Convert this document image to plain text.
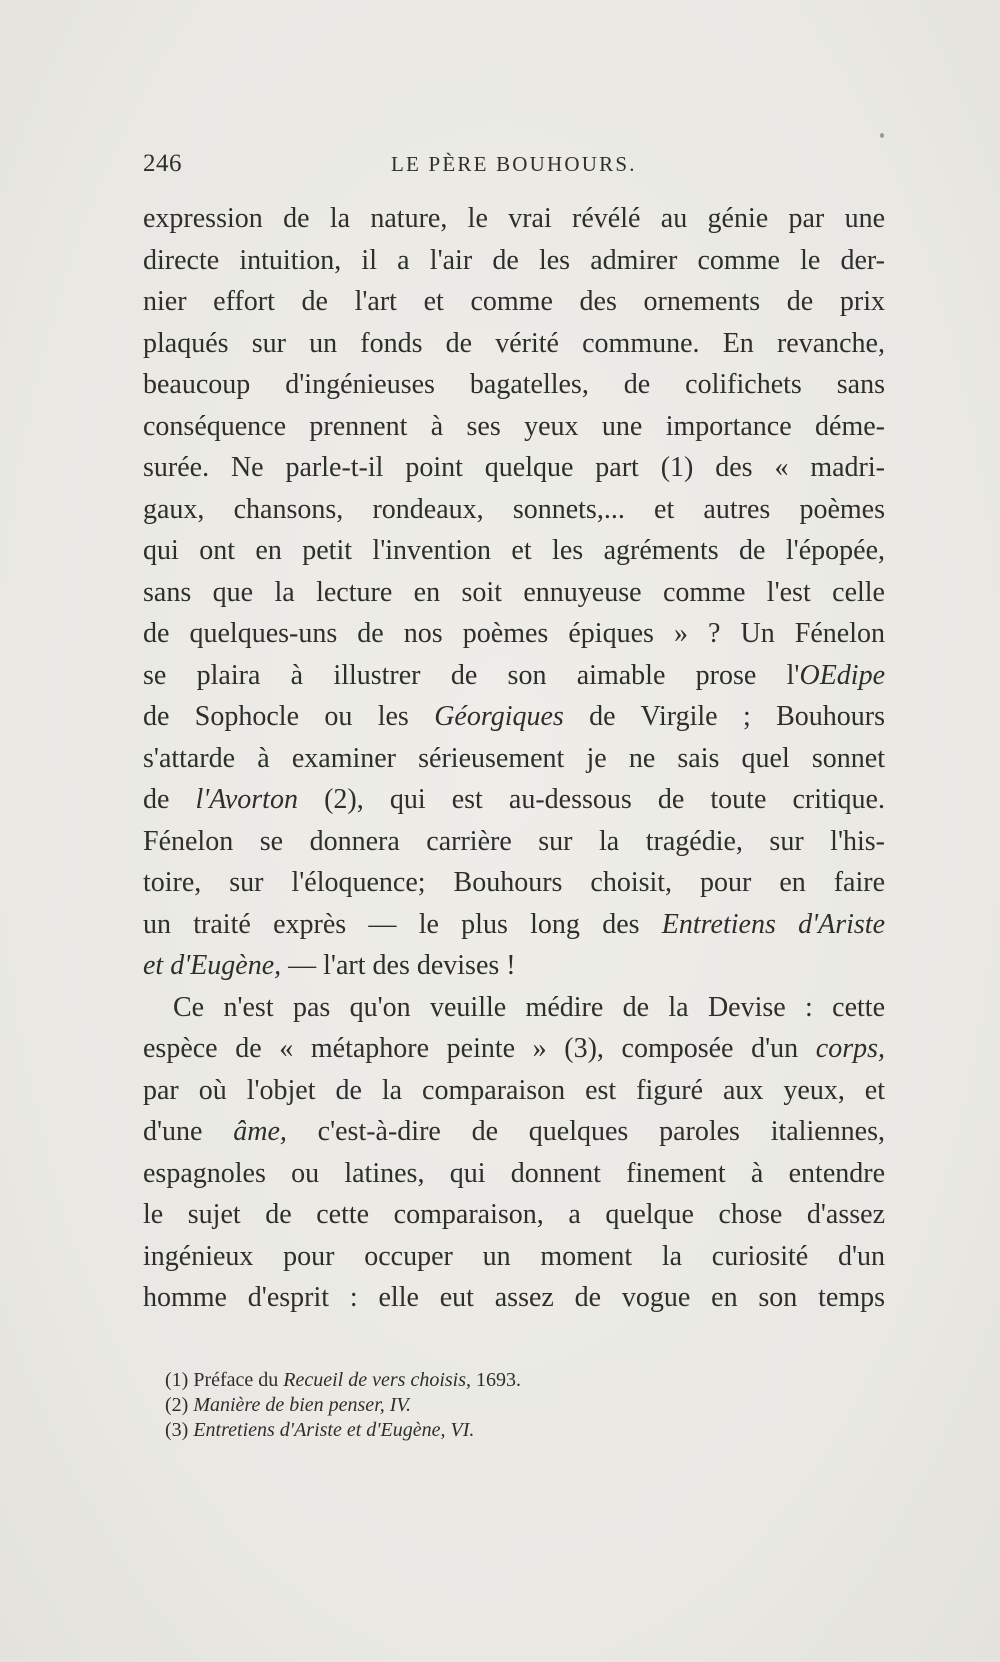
246	LE PÈRE BOUHOURS.
expression de la nature, le vrai révélé au génie par une
directe intuition, il a l'air de les admirer comme le der-
nier effort de l'art et comme des ornements de prix
plaqués sur un fonds de vérité commune. En revanche,
beaucoup d'ingénieuses bagatelles, de colifichets sans
conséquence prennent à ses yeux une importance déme-
surée. Ne parle-t-il point quelque part (1) des « madri-
gaux, chansons, rondeaux, sonnets,... et autres poèmes
qui ont en petit l'invention et les agréments de l'épopée,
sans que la lecture en soit ennuyeuse comme l'est celle
de quelques-uns de nos poèmes épiques » ? Un Fénelon
se plaira à illustrer de son aimable prose l'OEdipe
de Sophocle ou les Géorgiques de Virgile ; Bouhours
s'attarde à examiner sérieusement je ne sais quel sonnet
de l'Avorton (2), qui est au-dessous de toute critique.
Fénelon se donnera carrière sur la tragédie, sur l'his-
toire, sur l'éloquence; Bouhours choisit, pour en faire
un traité exprès — le plus long des Entretiens d'Ariste
et d'Eugène, — l'art des devises !
Ce n'est pas qu'on veuille médire de la Devise : cette
espèce de « métaphore peinte » (3), composée d'un corps,
par où l'objet de la comparaison est figuré aux yeux, et
d'une âme, c'est-à-dire de quelques paroles italiennes,
espagnoles ou latines, qui donnent finement à entendre
le sujet de cette comparaison, a quelque chose d'assez
ingénieux pour occuper un moment la curiosité d'un
homme d'esprit : elle eut assez de vogue en son temps
(1) Préface du Recueil de vers choisis, 1693.
(2) Manière de bien penser, IV.
(3) Entretiens d'Ariste et d'Eugène, VI.
